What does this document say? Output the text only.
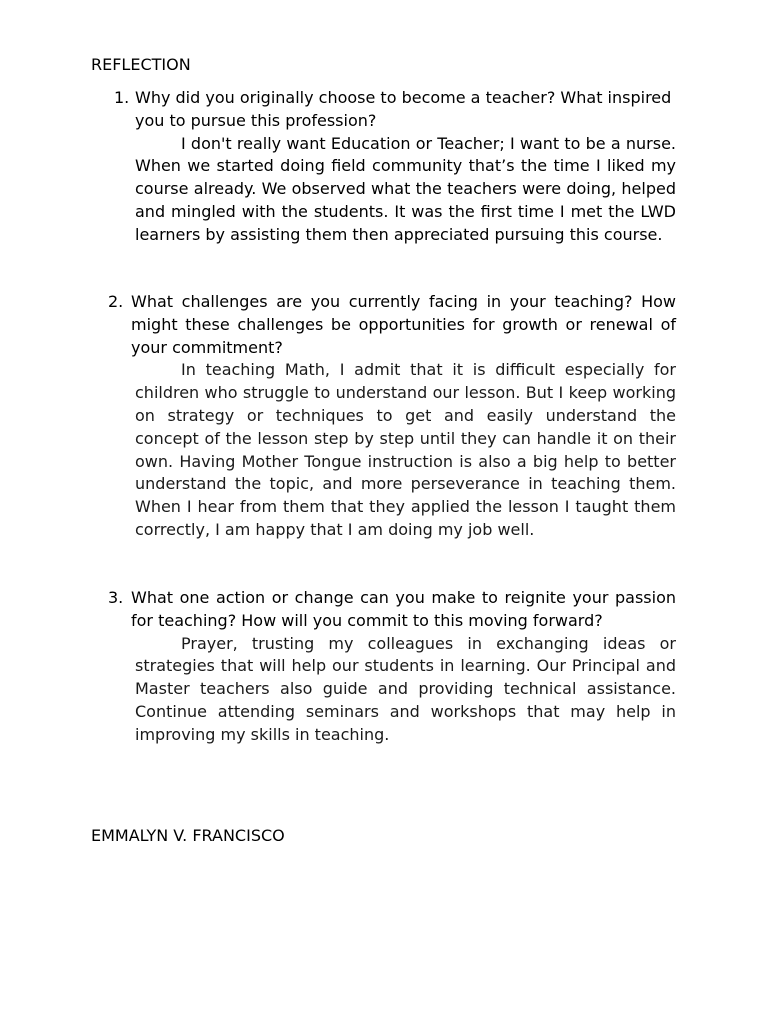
REFLECTION
1. Why did you originally choose to become a teacher? What inspired you to pursue this profession?
I don't really want Education or Teacher; I want to be a nurse. When we started doing field community that’s the time I liked my course already. We observed what the teachers were doing, helped and mingled with the students. It was the first time I met the LWD learners by assisting them then appreciated pursuing this course.
2. What challenges are you currently facing in your teaching? How might these challenges be opportunities for growth or renewal of your commitment?
In teaching Math, I admit that it is difficult especially for children who struggle to understand our lesson. But I keep working on strategy or techniques to get and easily understand the concept of the lesson step by step until they can handle it on their own. Having Mother Tongue instruction is also a big help to better understand the topic, and more perseverance in teaching them. When I hear from them that they applied the lesson I taught them correctly, I am happy that I am doing my job well.
3. What one action or change can you make to reignite your passion for teaching? How will you commit to this moving forward?
Prayer, trusting my colleagues in exchanging ideas or strategies that will help our students in learning. Our Principal and Master teachers also guide and providing technical assistance. Continue attending seminars and workshops that may help in improving my skills in teaching.
EMMALYN V. FRANCISCO
